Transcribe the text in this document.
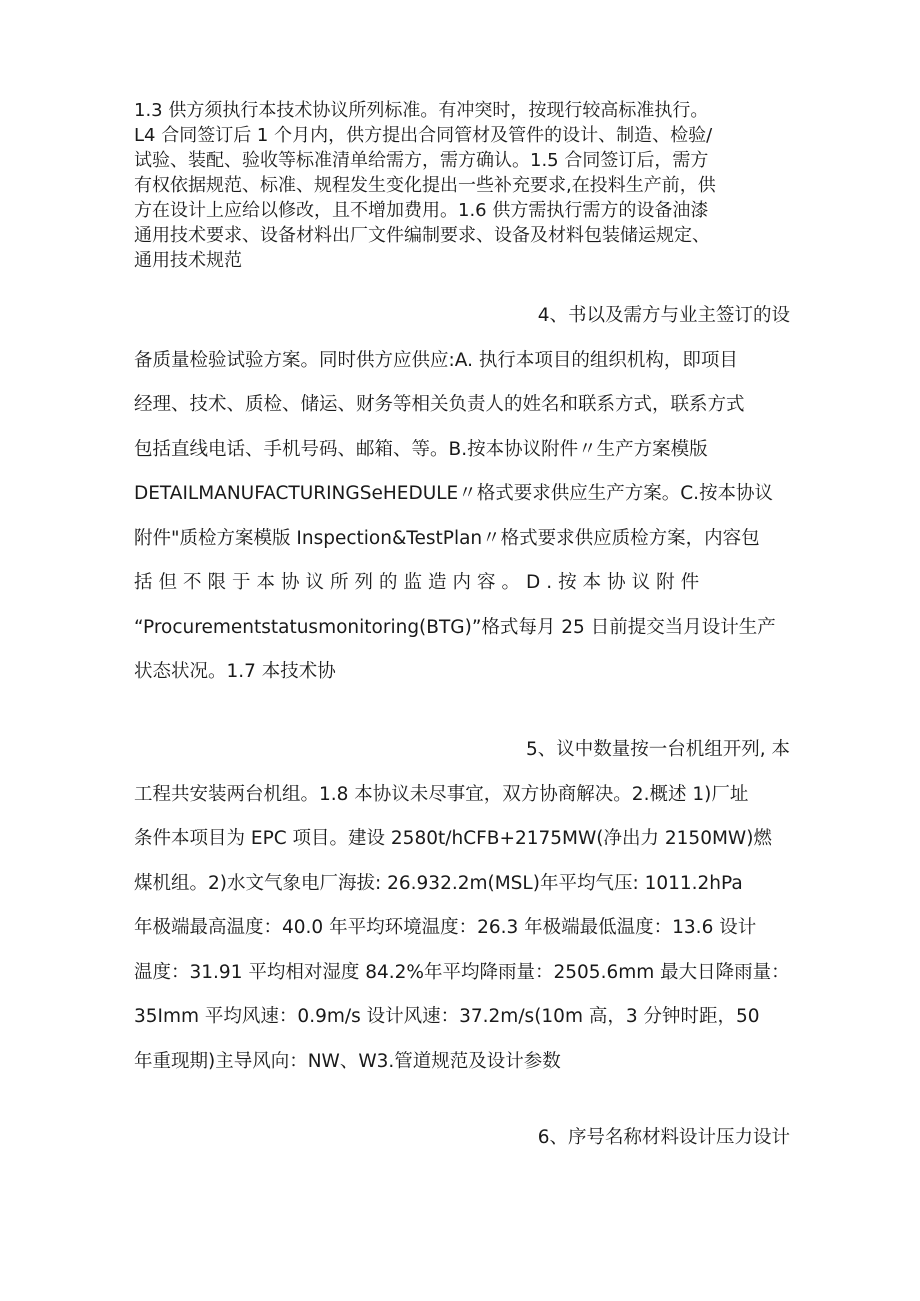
1.3 供方须执行本技术协议所列标准。有冲突时，按现行较高标准执行。

L4 合同签订后 1 个月内，供方提出合同管材及管件的设计、制造、检验/

试验、装配、验收等标准清单给需方，需方确认。1.5 合同签订后，需方

有权依据规范、标准、规程发生变化提出一些补充要求,在投料生产前，供

方在设计上应给以修改，且不增加费用。1.6 供方需执行需方的设备油漆

通用技术要求、设备材料出厂文件编制要求、设备及材料包装储运规定、

通用技术规范

4、书以及需方与业主签订的设
备质量检验试验方案。同时供方应供应:A. 执行本项目的组织机构，即项目
经理、技术、质检、储运、财务等相关负责人的姓名和联系方式，联系方式
包括直线电话、手机号码、邮箱、等。B.按本协议附件〃生产方案模版
DETAILMANUFACTURINGSeHEDULE〃格式要求供应生产方案。C.按本协议
附件"质检方案模版 Inspection&TestPlan〃格式要求供应质检方案，内容包
括但不限于本协议所列的监造内容。D.按本协议附件
“Procurementstatusmonitoring(BTG)”格式每月 25 日前提交当月设计生产
状态状况。1.7 本技术协
5、议中数量按一台机组开列, 本
工程共安装两台机组。1.8 本协议未尽事宜，双方协商解决。2.概述 1)厂址
条件本项目为 EPC 项目。建设 2580t∕hCFB+2175MW(净出力 2150MW)燃
煤机组。2)水文气象电厂海拔: 26.932.2m(MSL)年平均气压: 1011.2hPa
年极端最高温度：40.0 年平均环境温度：26.3 年极端最低温度：13.6 设计
温度：31.91 平均相对湿度 84.2%年平均降雨量：2505.6mm 最大日降雨量：
35Imm 平均风速：0.9m∕s 设计风速：37.2m∕s(10m 高，3 分钟时距，50
年重现期)主导风向：NW、W3.管道规范及设计参数
6、序号名称材料设计压力设计
